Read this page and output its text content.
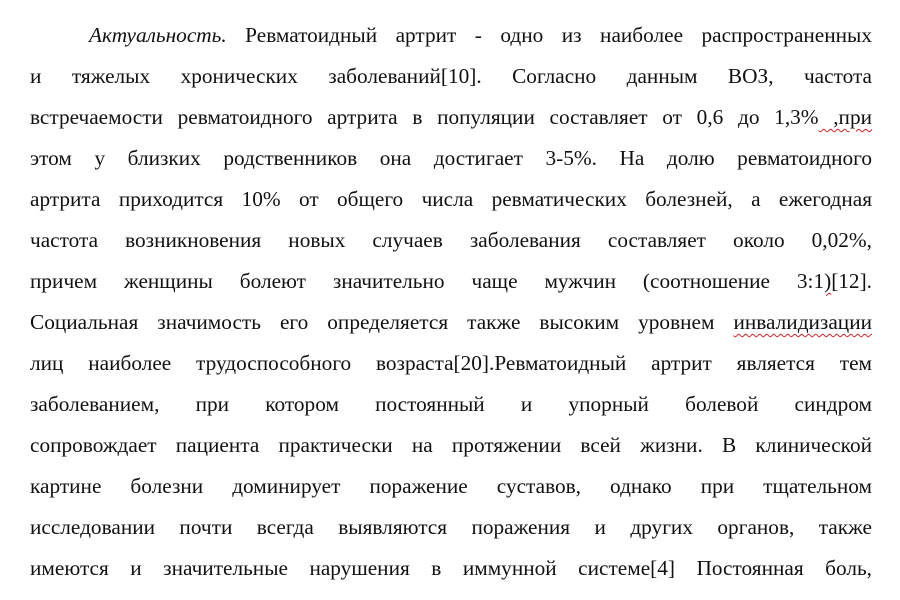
Актуальность. Ревматоидный артрит - одно из наиболее распространенных
и тяжелых хронических заболеваний[10]. Согласно данным ВОЗ, частота
встречаемости ревматоидного артрита в популяции составляет от 0,6 до 1,3% ,при
этом у близких родственников она достигает 3-5%. На долю ревматоидного
артрита приходится 10% от общего числа ревматических болезней, а ежегодная
частота возникновения новых случаев заболевания составляет около 0,02%,
причем женщины болеют значительно чаще мужчин (соотношение 3:1)[12].
Социальная значимость его определяется также высоким уровнем инвалидизации
лиц наиболее трудоспособного возраста[20].Ревматоидный артрит является тем
заболеванием, при котором постоянный и упорный болевой синдром
сопровождает пациента практически на протяжении всей жизни. В клинической
картине болезни доминирует поражение суставов, однако при тщательном
исследовании почти всегда выявляются поражения и других органов, также
имеются и значительные нарушения в иммунной системе[4] Постоянная боль,
